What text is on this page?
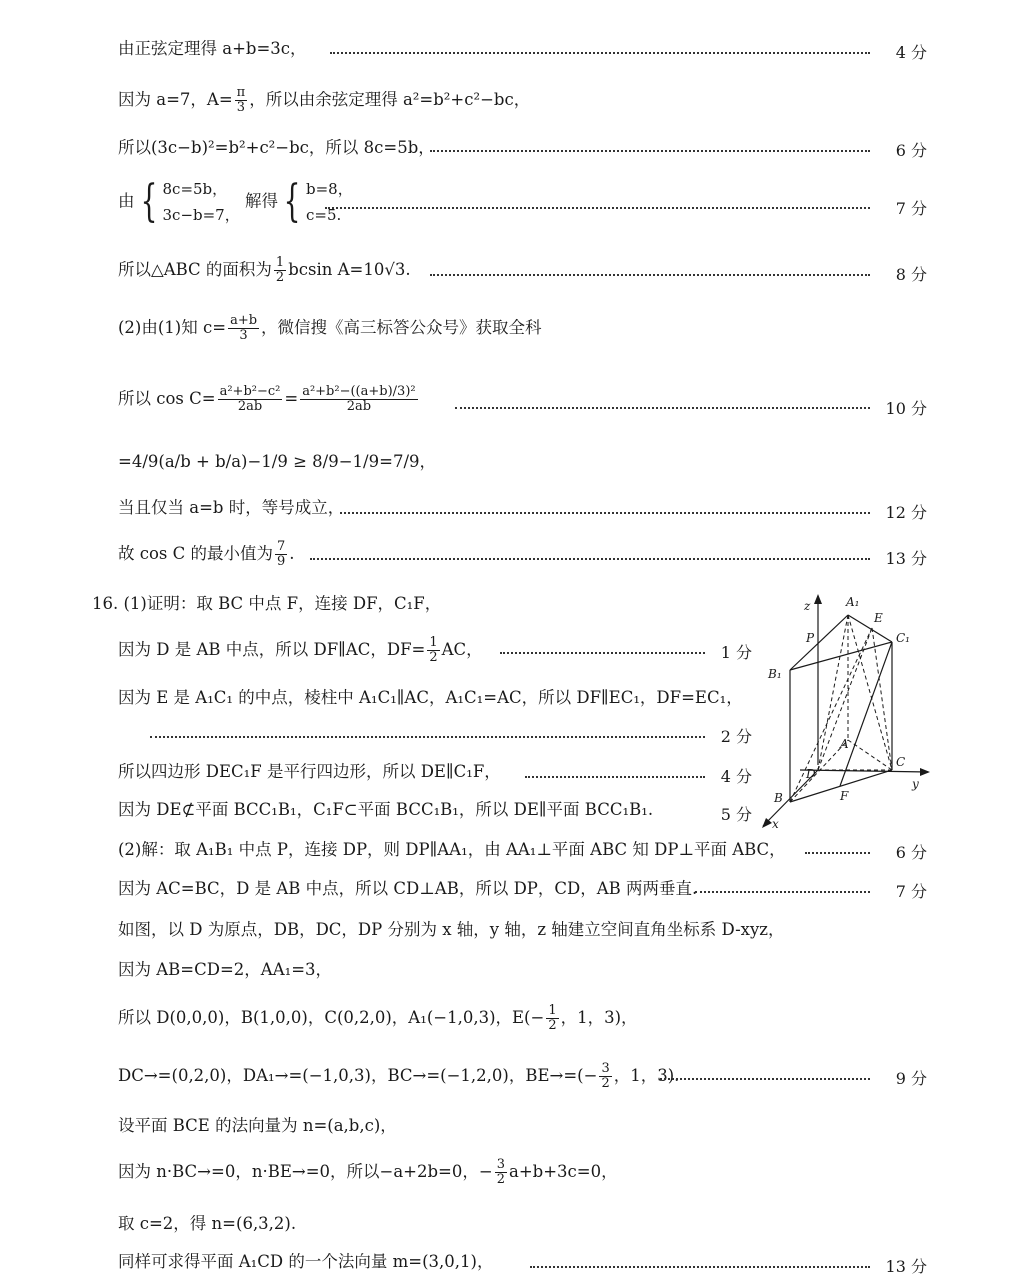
由正弦定理得 a+b=3c，	4 分
因为 a=7，$A= \frac{\pi}{3}$ ，所以由余弦定理得 a²=b²+c²−bc，
所以(3c−b)²=b²+c²−bc，所以 8c=5b，	6 分
由 { 8c=5b，
3c−b=7， 解得 { b=8，
c=5.	7 分
所以△ABC 的面积为 $\frac{1}{2}$ bcsin A=10√3.	8 分
(2)由(1)知 $c= \frac{a+b}{3}$ ，微信搜《高三标答公众号》获取全科
所以 $\cos C= \frac{\text{a²+b²−c²}}{2ab} = \frac{\text{a²+b²−((a+b)/3)²}}{2ab}$	10 分
=4/9(a/b + b/a)−1/9 ≥ 8/9−1/9=7/9，
当且仅当 a=b 时，等号成立，	12 分
故 cos C 的最小值为 $\frac{7}{9}$ .	13 分
16. (1)证明：取 BC 中点 F，连接 DF，C₁F，
因为 D 是 AB 中点，所以 DF∥AC，$DF= \frac{1}{2}$ AC，	1 分
因为 E 是 A₁C₁ 的中点，棱柱中 A₁C₁∥AC，A₁C₁=AC，所以 DF∥EC₁，DF=EC₁，
2 分
所以四边形 DEC₁F 是平行四边形，所以 DE∥C₁F，	4 分
因为 DE⊄平面 BCC₁B₁，C₁F⊂平面 BCC₁B₁，所以 DE∥平面 BCC₁B₁.	5 分
(2)解：取 A₁B₁ 中点 P，连接 DP，则 DP∥AA₁，由 AA₁⊥平面 ABC 知 DP⊥平面 ABC，	6 分
因为 AC=BC，D 是 AB 中点，所以 CD⊥AB，所以 DP，CD，AB 两两垂直.	7 分
如图，以 D 为原点，DB，DC，DP 分别为 x 轴，y 轴，z 轴建立空间直角坐标系 D-xyz，
因为 AB=CD=2，AA₁=3，
所以 D(0,0,0)，B(1,0,0)，C(0,2,0)，A₁(−1,0,3)，$E(- \frac{1}{2}$ ，1，3)，
DC→=(0,2,0)，DA₁→=(−1,0,3)，BC→=(−1,2,0)，$BE\to=(- \frac{3}{2}$ ，1，3).	9 分
设平面 BCE 的法向量为 n=(a,b,c)，
因为 n·BC→=0，n·BE→=0，所以−a+2b=0，− $\frac{3}{2} a+b+3c=0$，
取 c=2，得 n=(6,3,2).
同样可求得平面 A₁CD 的一个法向量 m=(3,0,1)，	13 分
z	A₁
E
P	C₁
B₁
A
D
C
y
B	F
x
